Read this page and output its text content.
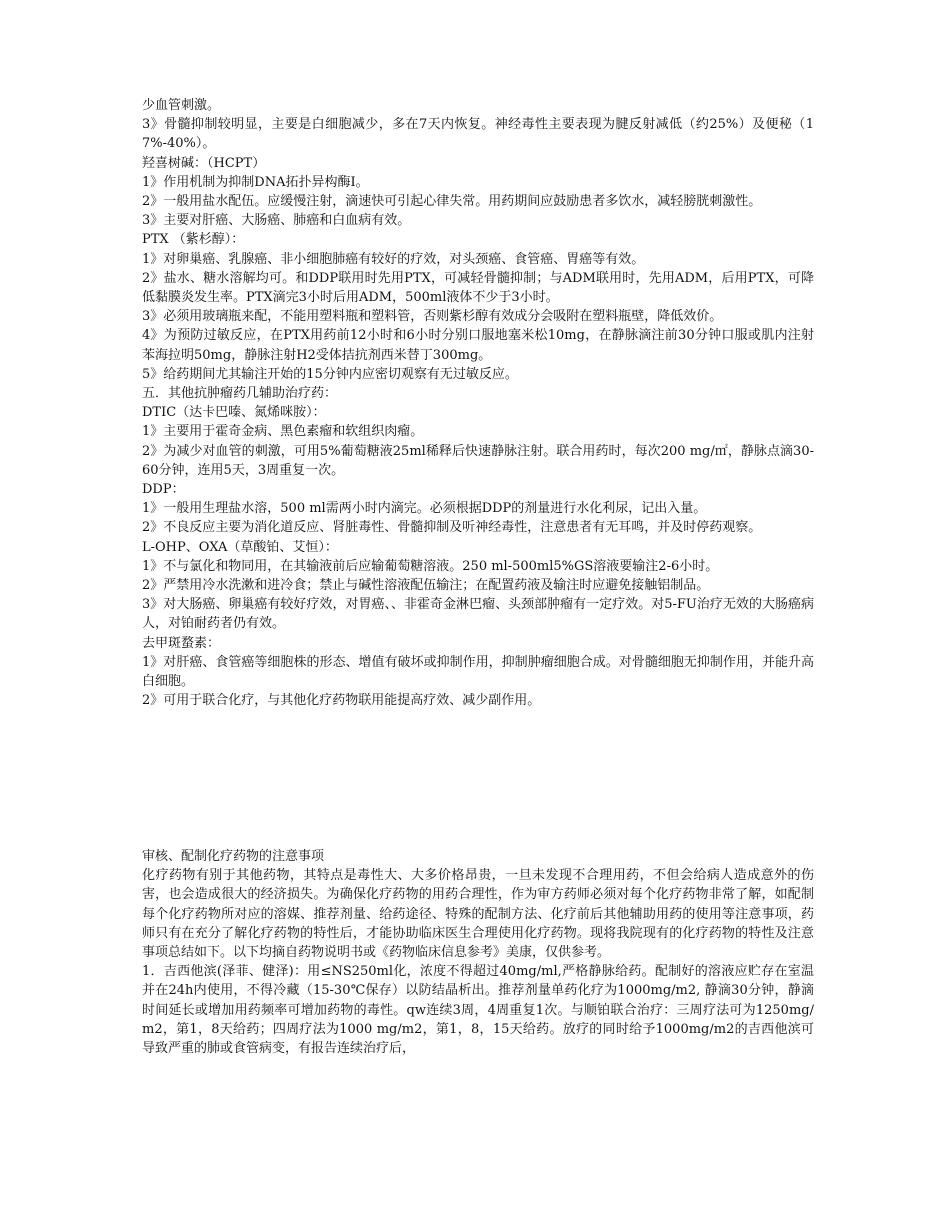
少血管刺激。

3》骨髓抑制较明显，主要是白细胞减少，多在7天内恢复。神经毒性主要表现为腱反射减低（约25%）及便秘（17%-40%）。

羟喜树碱：（HCPT）

1》作用机制为抑制DNA拓扑异构酶I。

2》一般用盐水配伍。应缓慢注射，滴速快可引起心律失常。用药期间应鼓励患者多饮水，减轻膀胱刺激性。

3》主要对肝癌、大肠癌、肺癌和白血病有效。

PTX （紫杉醇）：

1》对卵巢癌、乳腺癌、非小细胞肺癌有较好的疗效，对头颈癌、食管癌、胃癌等有效。

2》盐水、糖水溶解均可。和DDP联用时先用PTX，可减轻骨髓抑制；与ADM联用时，先用ADM，后用PTX，可降低黏膜炎发生率。PTX滴完3小时后用ADM，500ml液体不少于3小时。

3》必须用玻璃瓶来配，不能用塑料瓶和塑料管，否则紫杉醇有效成分会吸附在塑料瓶壁，降低效价。

4》为预防过敏反应，在PTX用药前12小时和6小时分别口服地塞米松10mg，在静脉滴注前30分钟口服或肌内注射苯海拉明50mg，静脉注射H2受体拮抗剂西米替丁300mg。

5》给药期间尤其输注开始的15分钟内应密切观察有无过敏反应。

五．其他抗肿瘤药几辅助治疗药：

DTIC（达卡巴嗪、氮烯咪胺）：

1》主要用于霍奇金病、黑色素瘤和软组织肉瘤。

2》为减少对血管的刺激，可用5%葡萄糖液25ml稀释后快速静脉注射。联合用药时，每次200 mg/㎡，静脉点滴30-60分钟，连用5天，3周重复一次。

DDP：

1》一般用生理盐水溶，500 ml需两小时内滴完。必须根据DDP的剂量进行水化利尿，记出入量。

2》不良反应主要为消化道反应、肾脏毒性、骨髓抑制及听神经毒性，注意患者有无耳鸣，并及时停药观察。

L-OHP、OXA（草酸铂、艾恒）：

1》不与氯化和物同用，在其输液前后应输葡萄糖溶液。250 ml-500ml5%GS溶液要输注2-6小时。

2》严禁用冷水洗漱和进冷食；禁止与碱性溶液配伍输注；在配置药液及输注时应避免接触铝制品。

3》对大肠癌、卵巢癌有较好疗效，对胃癌、、非霍奇金淋巴瘤、头颈部肿瘤有一定疗效。对5-FU治疗无效的大肠癌病人，对铂耐药者仍有效。

去甲斑蝥素：

1》对肝癌、食管癌等细胞株的形态、增值有破坏或抑制作用，抑制肿瘤细胞合成。对骨髓细胞无抑制作用，并能升高白细胞。

2》可用于联合化疗，与其他化疗药物联用能提高疗效、减少副作用。

审核、配制化疗药物的注意事项

化疗药物有别于其他药物，其特点是毒性大、大多价格昂贵，一旦未发现不合理用药，不但会给病人造成意外的伤害，也会造成很大的经济损失。为确保化疗药物的用药合理性，作为审方药师必须对每个化疗药物非常了解，如配制每个化疗药物所对应的溶媒、推荐剂量、给药途径、特殊的配制方法、化疗前后其他辅助用药的使用等注意事项，药师只有在充分了解化疗药物的特性后，才能协助临床医生合理使用化疗药物。现将我院现有的化疗药物的特性及注意事项总结如下。以下均摘自药物说明书或《药物临床信息参考》美康，仅供参考。

1．吉西他滨(泽菲、健泽)：用≤NS250ml化，浓度不得超过40mg/ml,严格静脉给药。配制好的溶液应贮存在室温并在24h内使用，不得冷藏（15-30℃保存）以防结晶析出。推荐剂量单药化疗为1000mg/m2, 静滴30分钟，静滴时间延长或增加用药频率可增加药物的毒性。qw连续3周，4周重复1次。与顺铂联合治疗：三周疗法可为1250mg/m2，第1，8天给药；四周疗法为1000 mg/m2，第1，8，15天给药。放疗的同时给予1000mg/m2的吉西他滨可导致严重的肺或食管病变，有报告连续治疗后，
